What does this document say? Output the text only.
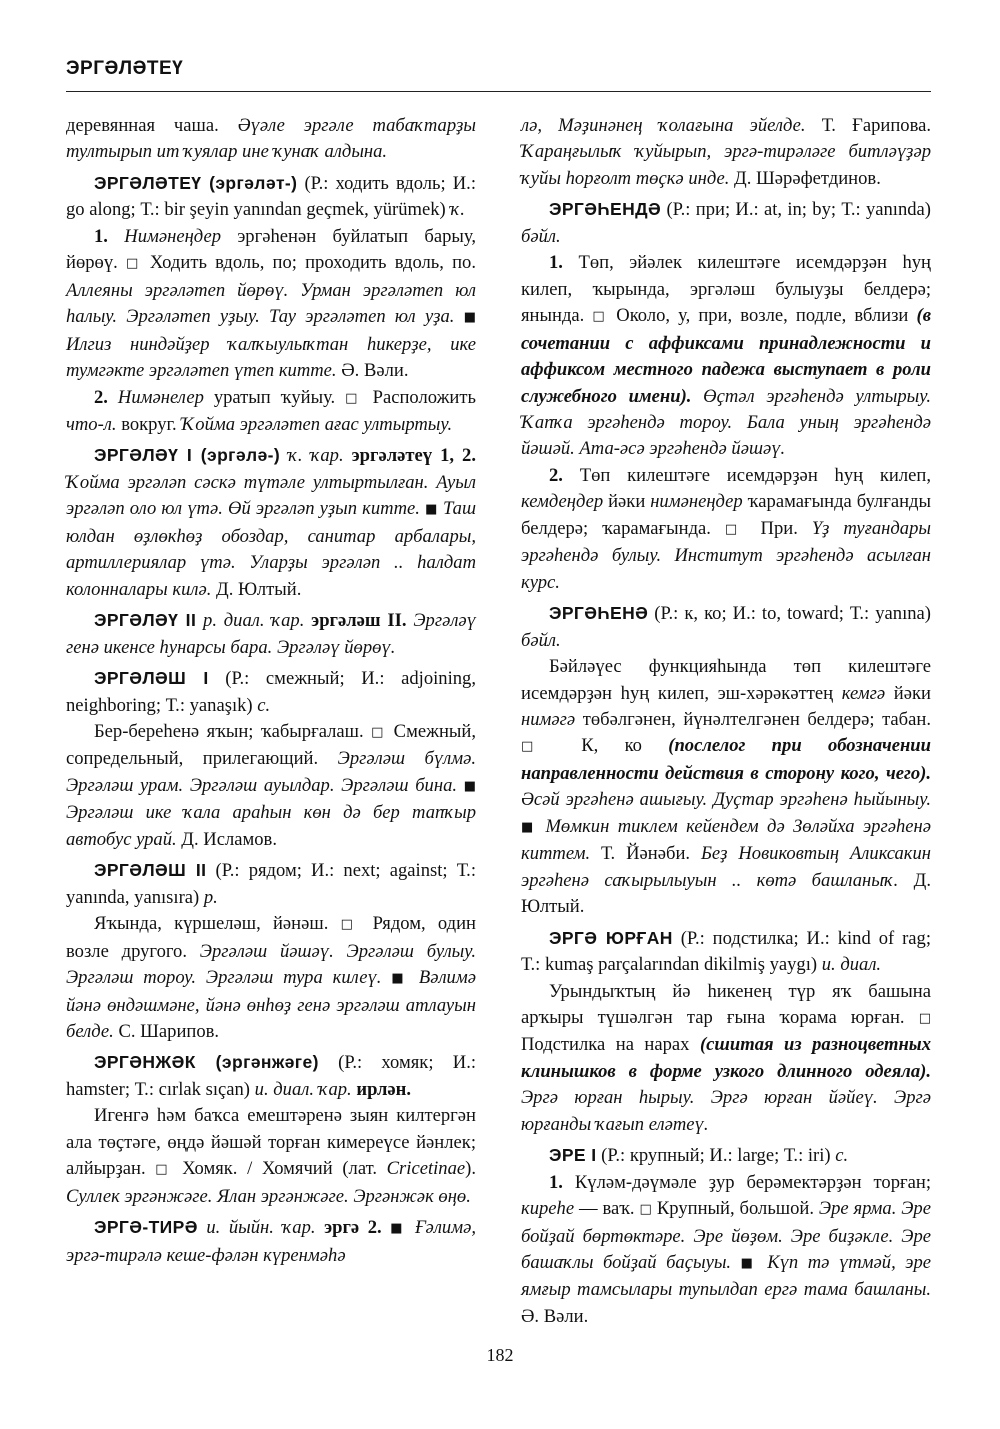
ЭРГӘЛӘТЕҮ

деревянная чаша. Әүәле эргәле табаҡтарҙы тултырып ит ҡуялар ине ҡунаҡ алдына.

ЭРГӘЛӘТЕҮ (эргәләт-) (Р.: ходить вдоль; И.: go along; Т.: bir şeyin yanından geçmek, yürümek) ҡ.

1. Нимәнеңдер эргәһенән буйлатып барыу, йөрөү. □ Ходить вдоль, по; проходить вдоль, по. Аллеяны эргәләтеп йөрөү. Урман эргәләтеп юл һалыу. Эргәләтеп уҙыу. Тау эргәләтеп юл уҙа. ■ Илгиз ниндәйҙер ҡалҡыулыҡтан һикерҙе, ике тумгәкте эргәләтеп үтеп китте. Ә. Вәли.

2. Нимәнелер уратып ҡуйыу. □ Расположить что-л. вокруг. Ҡойма эргәләтеп ағас ултыртыу.

ЭРГӘЛӘҮ I (эргәлә-) ҡ. ҡар. эргәләтеү 1, 2. Ҡойма эргәләп сәскә түтәле ултыртылған. Ауыл эргәләп оло юл үтә. Өй эргәләп уҙып китте. ■ Таш юлдан өҙлөкһөҙ обоздар, санитар арбалары, артиллериялар үтә. Уларҙы эргәләп .. һалдат колонналары килә. Д. Юлтый.

ЭРГӘЛӘҮ II р. диал. ҡар. эргәләш II. Эргәләү генә икенсе һунарсы бара. Эргәләү йөрөү.

ЭРГӘЛӘШ I (Р.: смежный; И.: adjoining, neighboring; Т.: yanaşık) с.

Бер-береһенә яҡын; ҡабырғалаш. □ Смежный, сопредельный, прилегающий. Эргәләш бүлмә. Эргәләш урам. Эргәләш ауылдар. Эргәләш бина. ■ Эргәләш ике ҡала араһын көн дә бер тапҡыр автобус урай. Д. Исламов.

ЭРГӘЛӘШ II (Р.: рядом; И.: next; against; Т.: yanında, yanısıra) р.

Яҡында, күршеләш, йәнәш. □ Рядом, один возле другого. Эргәләш йәшәү. Эргәләш булыу. Эргәләш тороу. Эргәләш тура килеү. ■ Вәлимә йәнә өндәшмәне, йәнә өнһөҙ генә эргәләш атлауын белде. С. Шарипов.

ЭРГӘНЖӘК (эргәнжәге) (Р.: хомяк; И.: hamster; Т.: cırlak sıçan) и. диал. ҡар. ирлән.

Игенгә һәм баҡса емештәренә зыян килтергән ала төҫтәге, өңдә йәшәй торған кимереүсе йәнлек; алйырҙан. □ Хомяк. / Хомячий (лат. Cricetinae). Суллек эргәнжәге. Ялан эргәнжәге. Эргәнжәк өңө.

ЭРГӘ-ТИРӘ и. йыйн. ҡар. эргә 2. ■ Ғәлимә, эргә-тирәлә кеше-фәлән күренмәһә

лә, Мәҙинәнең ҡолағына эйелде. Т. Ғарипова. Ҡараңғылыҡ ҡуйырып, эргә-тирәләге битләүҙәр ҡуйы һорғолт төҫкә инде. Д. Шәрәфетдинов.

ЭРГӘҺЕНДӘ (Р.: при; И.: at, in; by; Т.: yanında) бәйл.

1. Төп, эйәлек килештәге исемдәрҙән һуң килеп, ҡырында, эргәләш булыуҙы белдерә; янында. □ Около, у, при, возле, подле, вблизи (в сочетании с аффиксами принадлежности и аффиксом местного падежа выступает в роли служебного имени). Өҫтәл эргәһендә ултырыу. Ҡапҡа эргәһендә тороу. Бала уның эргәһендә йәшәй. Ата-әсә эргәһендә йәшәү.

2. Төп килештәге исемдәрҙән һуң килеп, кемдеңдер йәки нимәнеңдер ҡарамағында булғанды белдерә; ҡарамағында. □ При. Үҙ туғандары эргәһендә булыу. Институт эргәһендә асылған курс.

ЭРГӘҺЕНӘ (Р.: к, ко; И.: to, toward; Т.: yanına) бәйл.

Бәйләүес функцияһында төп килештәге исемдәрҙән һуң килеп, эш-хәрәкәттең кемгә йәки нимәгә төбәлгәнен, йүнәлтелгәнен белдерә; табан. □ К, ко (послелог при обозначении направленности действия в сторону кого, чего). Әсәй эргәһенә ашығыу. Дуҫтар эргәһенә һыйыныу. ■ Мөмкин тиклем кейендем дә Зөләйха эргәһенә киттем. Т. Йәнәби. Беҙ Новиковтың Аликсакин эргәһенә саҡырылыуын .. көтә башланыҡ. Д. Юлтый.

ЭРГӘ ЮРҒАН (Р.: подстилка; И.: kind of rag; Т.: kumaş parçalarından dikilmiş yaygı) и. диал.

Урындыҡтың йә һикенең түр яҡ башына арҡыры түшәлгән тар ғына ҡорама юрған. □ Подстилка на нарах (сшитая из разноцветных клинышков в форме узкого длинного одеяла). Эргә юрған һырыу. Эргә юрған йәйеү. Эргә юрғанды ҡағып еләтеү.

ЭРЕ I (Р.: крупный; И.: large; Т.: iri) с.

1. Күләм-дәүмәле ҙур берәмектәрҙән торған; киреһе — ваҡ. □ Крупный, большой. Эре ярма. Эре бойҙай бөртөктәре. Эре йөҙөм. Эре биҙәкле. Эре башаҡлы бойҙай баҫыуы. ■ Күп тә үтмәй, эре ямғыр тамсылары тупылдап ергә тама башланы. Ә. Вәли.

182
